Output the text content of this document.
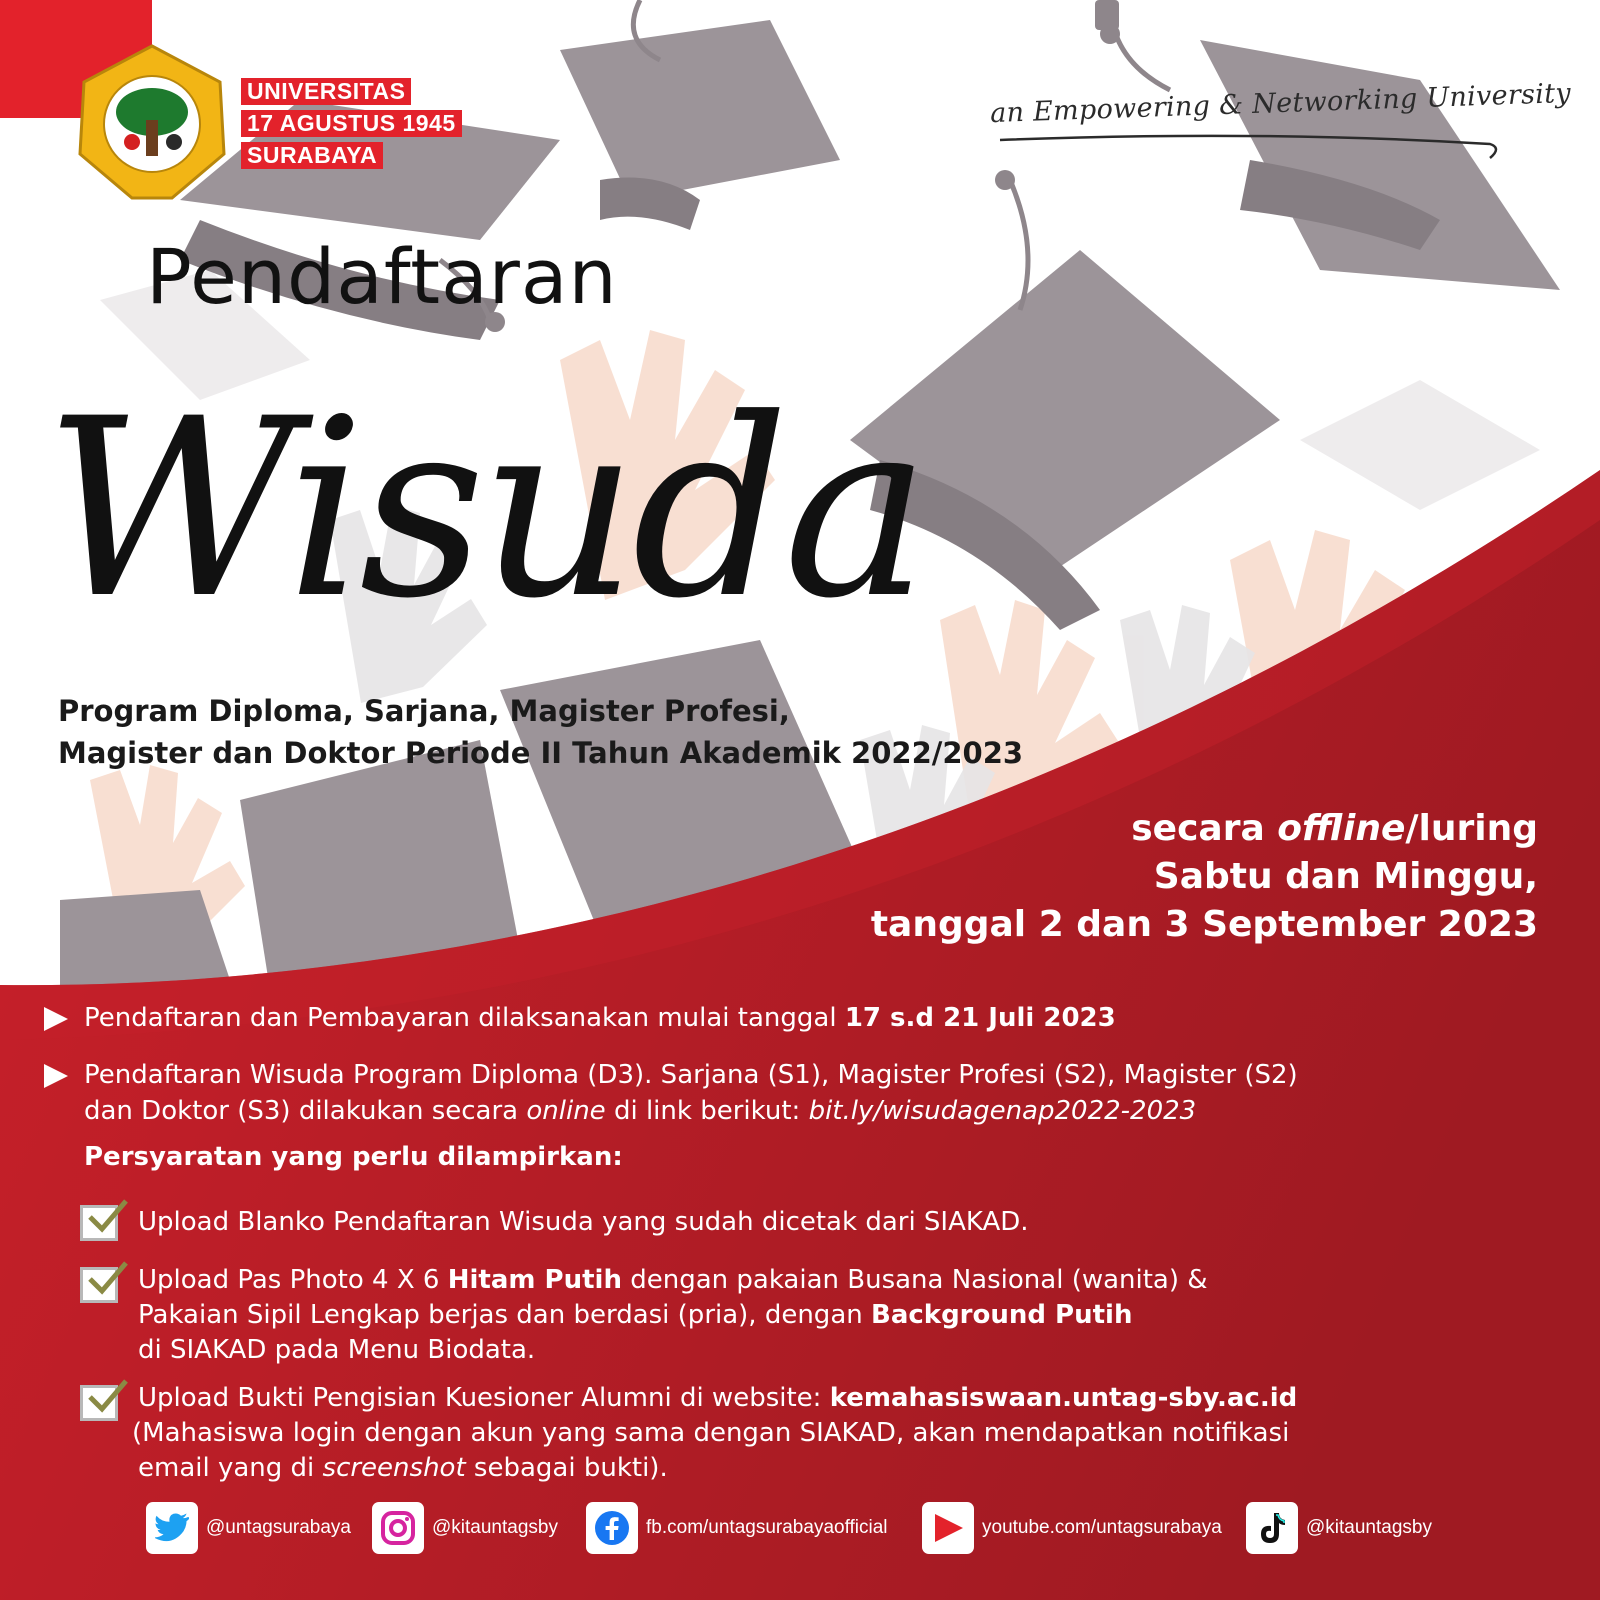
UNIVERSITAS
17 AGUSTUS 1945
SURABAYA
an Empowering & Networking University
Pendaftaran
Wisuda
Program Diploma, Sarjana, Magister Profesi,
Magister dan Doktor Periode II Tahun Akademik 2022/2023
secara offline/luring
Sabtu dan Minggu,
tanggal 2 dan 3 September 2023
Pendaftaran dan Pembayaran dilaksanakan mulai tanggal 17 s.d 21 Juli 2023
Pendaftaran Wisuda Program Diploma (D3). Sarjana (S1), Magister Profesi (S2), Magister (S2)
dan Doktor (S3) dilakukan secara online di link berikut: bit.ly/wisudagenap2022-2023
Persyaratan yang perlu dilampirkan:
Upload Blanko Pendaftaran Wisuda yang sudah dicetak dari SIAKAD.
Upload Pas Photo 4 X 6 Hitam Putih dengan pakaian Busana Nasional (wanita) &
Pakaian Sipil Lengkap berjas dan berdasi (pria), dengan Background Putih
di SIAKAD pada Menu Biodata.
Upload Bukti Pengisian Kuesioner Alumni di website: kemahasiswaan.untag-sby.ac.id
(Mahasiswa login dengan akun yang sama dengan SIAKAD, akan mendapatkan notifikasi
email yang di screenshot sebagai bukti).
@untagsurabaya	@kitauntagsby	fb.com/untagsurabayaofficial	youtube.com/untagsurabaya	@kitauntagsby
